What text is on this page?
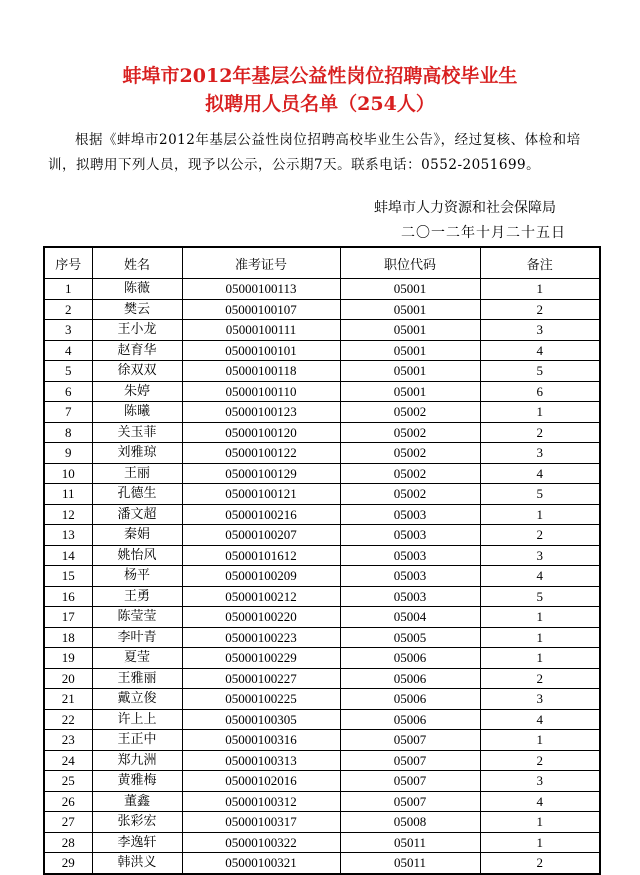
蚌埠市2012年基层公益性岗位招聘高校毕业生
拟聘用人员名单（254人）
根据《蚌埠市2012年基层公益性岗位招聘高校毕业生公告》，经过复核、体检和培训，拟聘用下列人员，现予以公示，公示期7天。联系电话：0552-2051699。
蚌埠市人力资源和社会保障局
二〇一二年十月二十五日
序号	姓名	准考证号	职位代码	备注
1	陈薇	05000100113	05001	1
2	樊云	05000100107	05001	2
3	王小龙	05000100111	05001	3
4	赵育华	05000100101	05001	4
5	徐双双	05000100118	05001	5
6	朱婷	05000100110	05001	6
7	陈曦	05000100123	05002	1
8	关玉菲	05000100120	05002	2
9	刘雅琼	05000100122	05002	3
10	王丽	05000100129	05002	4
11	孔德生	05000100121	05002	5
12	潘文超	05000100216	05003	1
13	秦娟	05000100207	05003	2
14	姚怡风	05000101612	05003	3
15	杨平	05000100209	05003	4
16	王勇	05000100212	05003	5
17	陈莹莹	05000100220	05004	1
18	李叶青	05000100223	05005	1
19	夏莹	05000100229	05006	1
20	王雅丽	05000100227	05006	2
21	戴立俊	05000100225	05006	3
22	许上上	05000100305	05006	4
23	王正中	05000100316	05007	1
24	郑九洲	05000100313	05007	2
25	黄雅梅	05000102016	05007	3
26	董鑫	05000100312	05007	4
27	张彩宏	05000100317	05008	1
28	李逸轩	05000100322	05011	1
29	韩洪义	05000100321	05011	2
